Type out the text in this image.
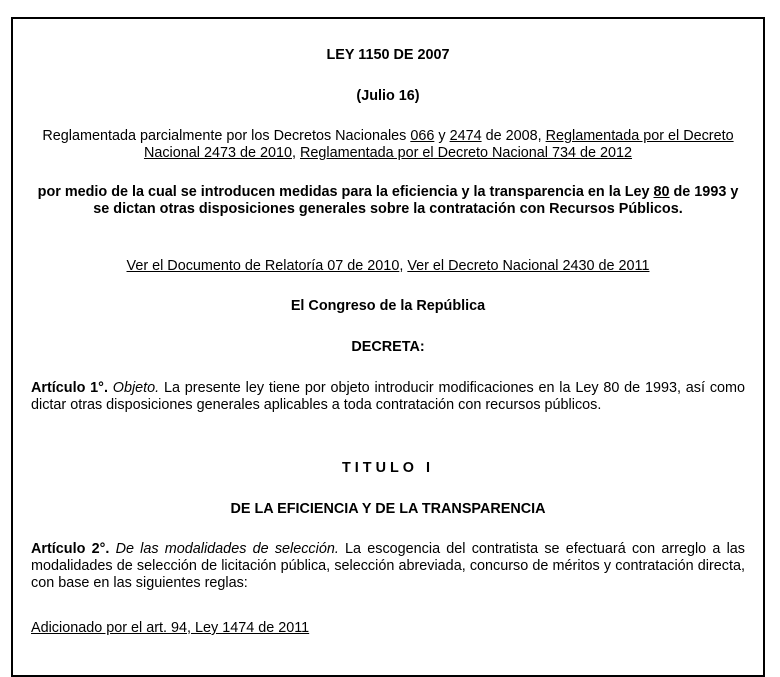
LEY 1150 DE 2007

(Julio 16)

Reglamentada parcialmente por los Decretos Nacionales 066 y 2474 de 2008, Reglamentada por el Decreto Nacional 2473 de 2010, Reglamentada por el Decreto Nacional 734 de 2012

por medio de la cual se introducen medidas para la eficiencia y la transparencia en la Ley 80 de 1993 y se dictan otras disposiciones generales sobre la contratación con Recursos Públicos.

Ver el Documento de Relatoría 07 de 2010, Ver el Decreto Nacional 2430 de 2011

El Congreso de la República

DECRETA:

Artículo 1°. Objeto. La presente ley tiene por objeto introducir modificaciones en la Ley 80 de 1993, así como dictar otras disposiciones generales aplicables a toda contratación con recursos públicos.

TITULO I

DE LA EFICIENCIA Y DE LA TRANSPARENCIA

Artículo 2°. De las modalidades de selección. La escogencia del contratista se efectuará con arreglo a las modalidades de selección de licitación pública, selección abreviada, concurso de méritos y contratación directa, con base en las siguientes reglas:

Adicionado por el art. 94, Ley 1474 de 2011
